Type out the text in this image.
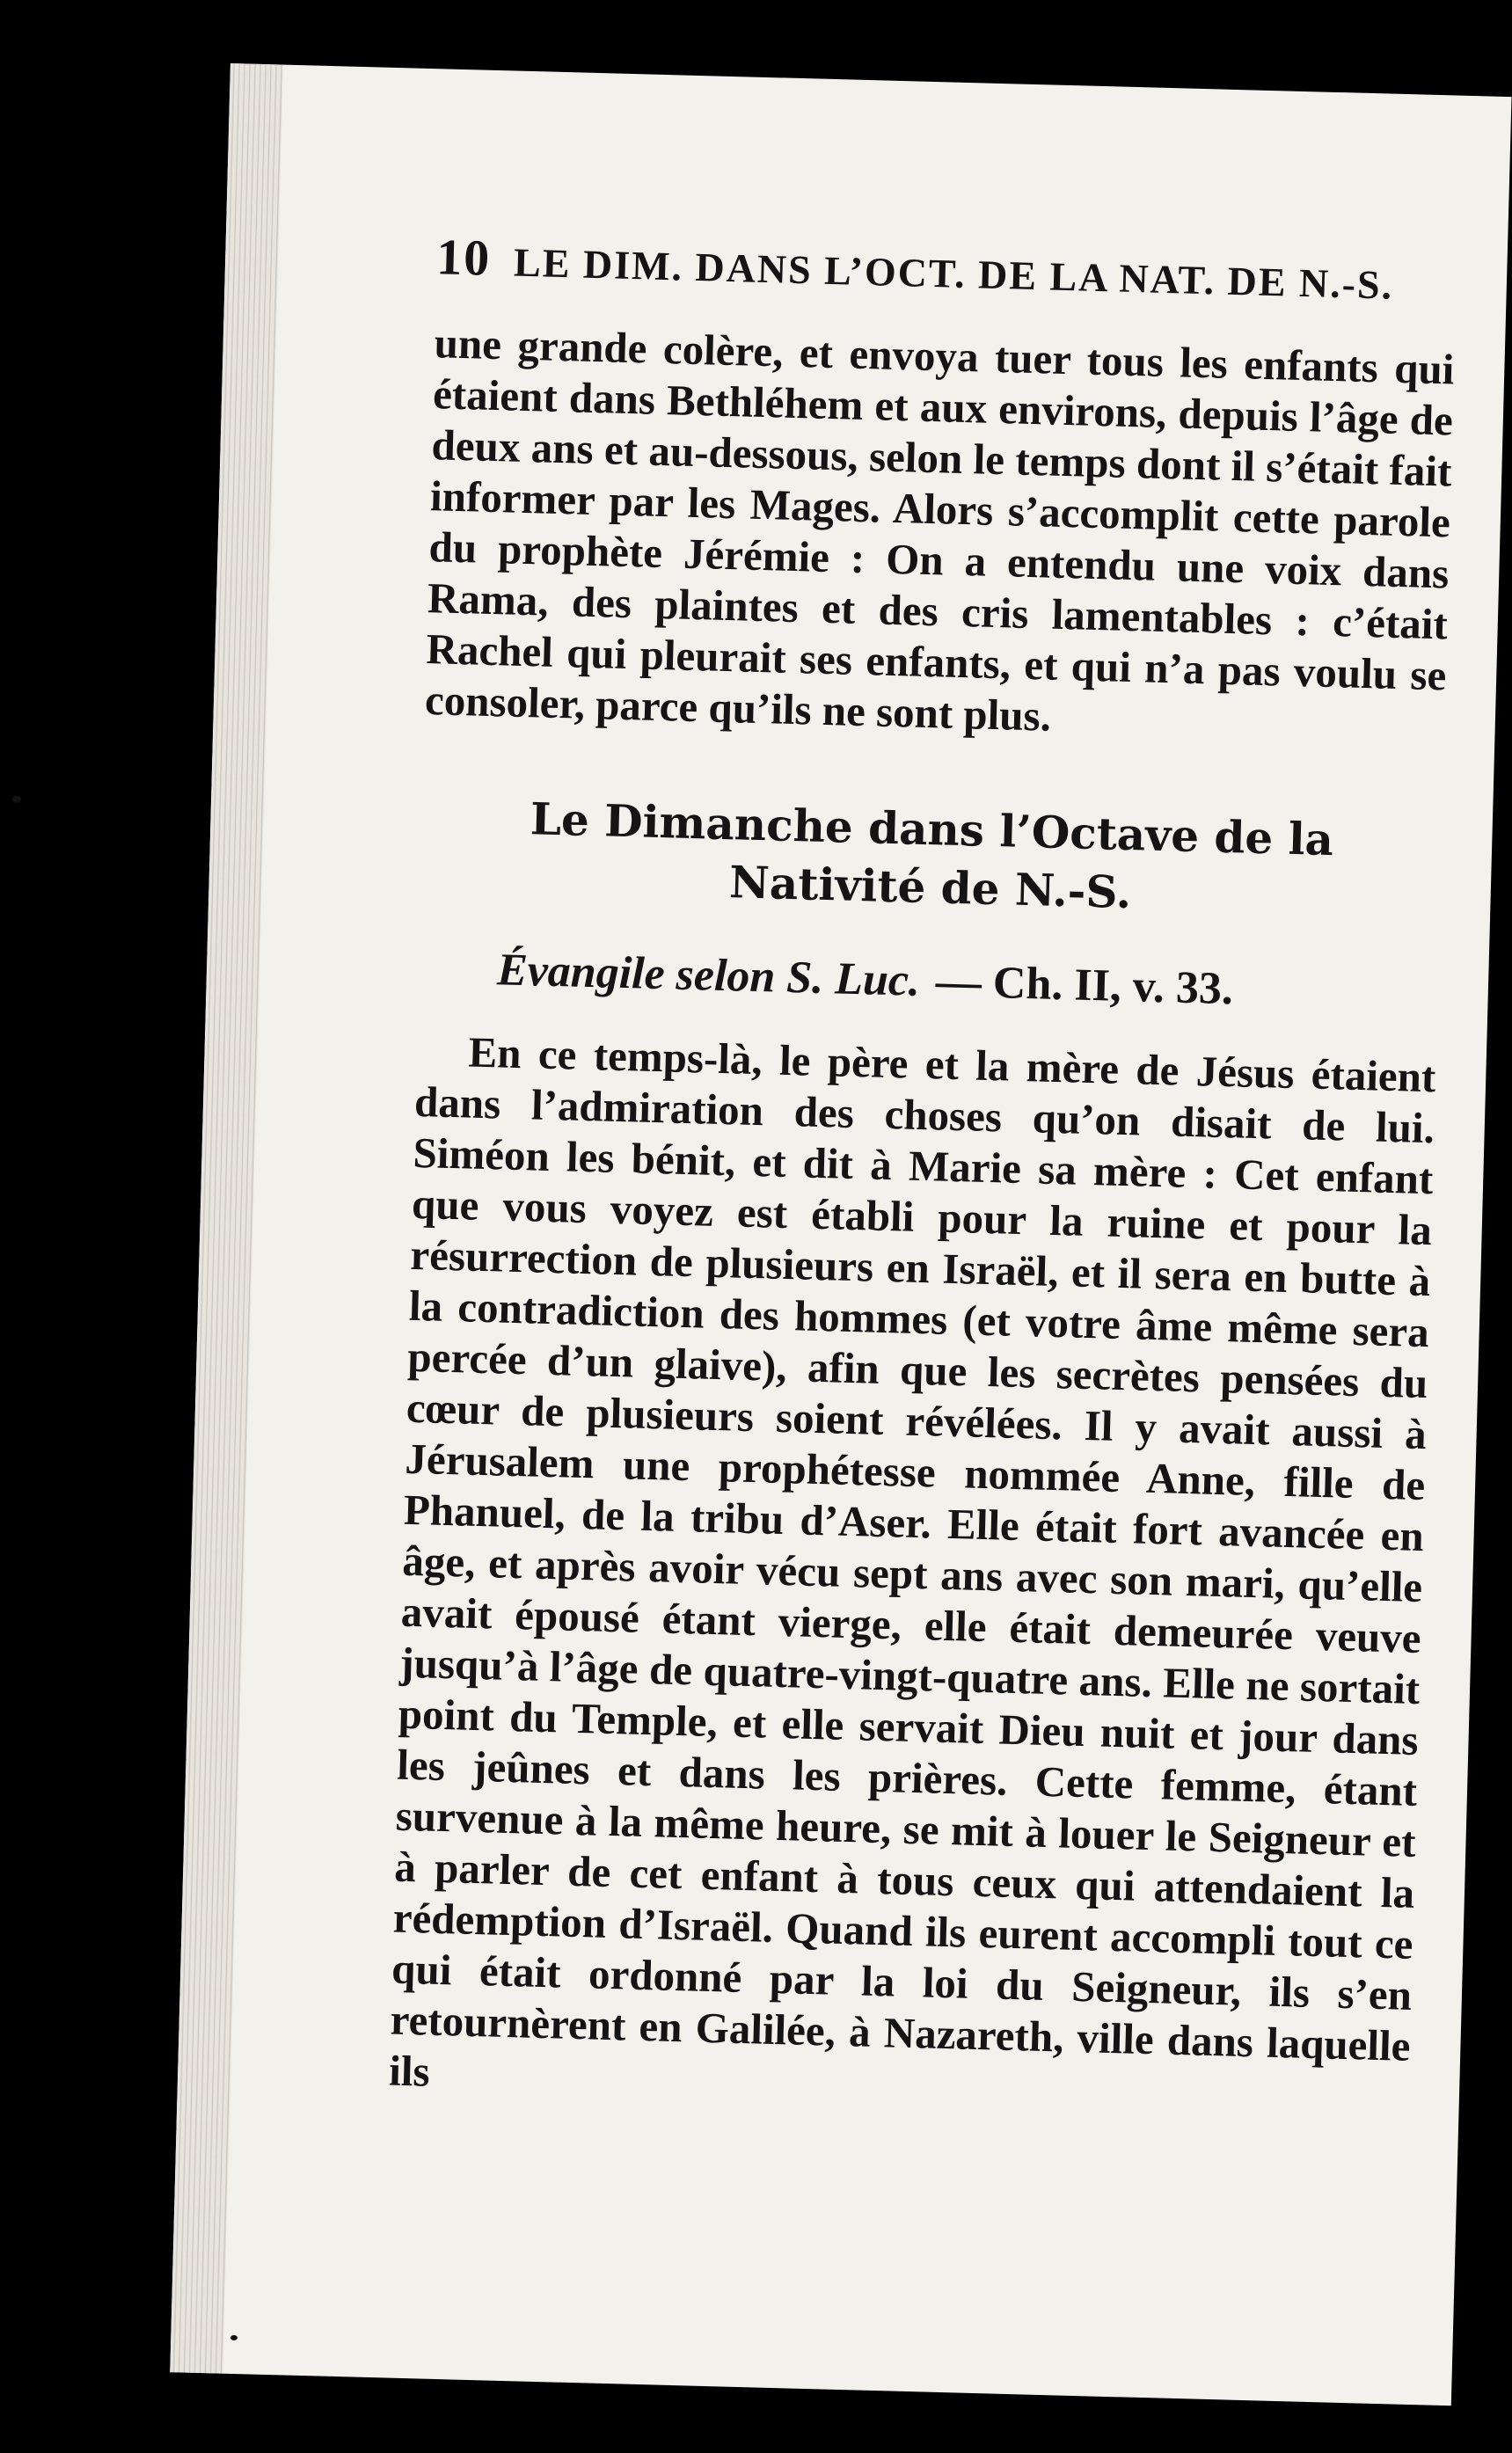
10 LE DIM. DANS L’OCT. DE LA NAT. DE N.-S.

une grande colère, et envoya tuer tous les enfants qui étaient dans Bethléhem et aux environs, depuis l’âge de deux ans et au-dessous, selon le temps dont il s’était fait informer par les Mages. Alors s’accomplit cette parole du prophète Jérémie : On a entendu une voix dans Rama, des plaintes et des cris lamentables : c’était Rachel qui pleurait ses enfants, et qui n’a pas voulu se consoler, parce qu’ils ne sont plus.

Le Dimanche dans l’Octave de la
Nativité de N.-S.
Évangile selon S. Luc. — Ch. II, v. 33.

En ce temps-là, le père et la mère de Jésus étaient dans l’admiration des choses qu’on disait de lui. Siméon les bénit, et dit à Marie sa mère : Cet enfant que vous voyez est établi pour la ruine et pour la résurrection de plusieurs en Israël, et il sera en butte à la contradiction des hommes (et votre âme même sera percée d’un glaive), afin que les secrètes pensées du cœur de plusieurs soient révélées. Il y avait aussi à Jérusalem une prophétesse nommée Anne, fille de Phanuel, de la tribu d’Aser. Elle était fort avancée en âge, et après avoir vécu sept ans avec son mari, qu’elle avait épousé étant vierge, elle était demeurée veuve jusqu’à l’âge de quatre-vingt-quatre ans. Elle ne sortait point du Temple, et elle servait Dieu nuit et jour dans les jeûnes et dans les prières. Cette femme, étant survenue à la même heure, se mit à louer le Seigneur et à parler de cet enfant à tous ceux qui attendaient la rédemption d’Israël. Quand ils eurent accompli tout ce qui était ordonné par la loi du Seigneur, ils s’en retournèrent en Galilée, à Nazareth, ville dans laquelle ils
